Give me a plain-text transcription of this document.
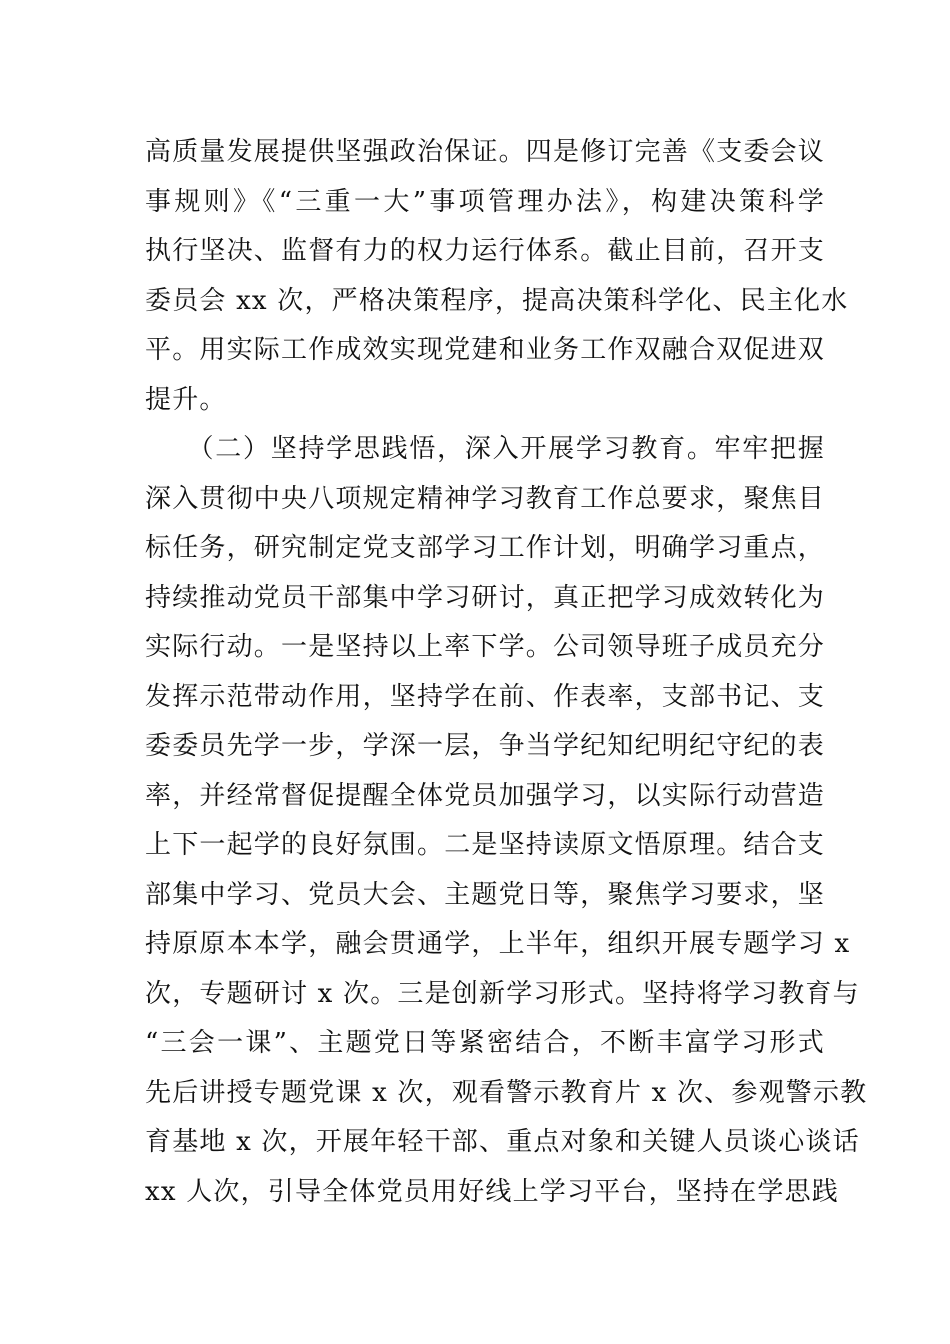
高质量发展提供坚强政治保证。四是修订完善《支委会议
事规则》《“三重一大”事项管理办法》，构建决策科学
执行坚决、监督有力的权力运行体系。截止目前，召开支
委员会 xx 次，严格决策程序，提高决策科学化、民主化水
平。用实际工作成效实现党建和业务工作双融合双促进双
提升。
　　（二）坚持学思践悟，深入开展学习教育。牢牢把握
深入贯彻中央八项规定精神学习教育工作总要求，聚焦目
标任务，研究制定党支部学习工作计划，明确学习重点，
持续推动党员干部集中学习研讨，真正把学习成效转化为
实际行动。一是坚持以上率下学。公司领导班子成员充分
发挥示范带动作用，坚持学在前、作表率，支部书记、支
委委员先学一步，学深一层，争当学纪知纪明纪守纪的表
率，并经常督促提醒全体党员加强学习，以实际行动营造
上下一起学的良好氛围。二是坚持读原文悟原理。结合支
部集中学习、党员大会、主题党日等，聚焦学习要求，坚
持原原本本学，融会贯通学，上半年，组织开展专题学习 x
次，专题研讨 x 次。三是创新学习形式。坚持将学习教育与
“三会一课”、主题党日等紧密结合，不断丰富学习形式
先后讲授专题党课 x 次，观看警示教育片 x 次、参观警示教
育基地 x 次，开展年轻干部、重点对象和关键人员谈心谈话
xx 人次，引导全体党员用好线上学习平台，坚持在学思践
